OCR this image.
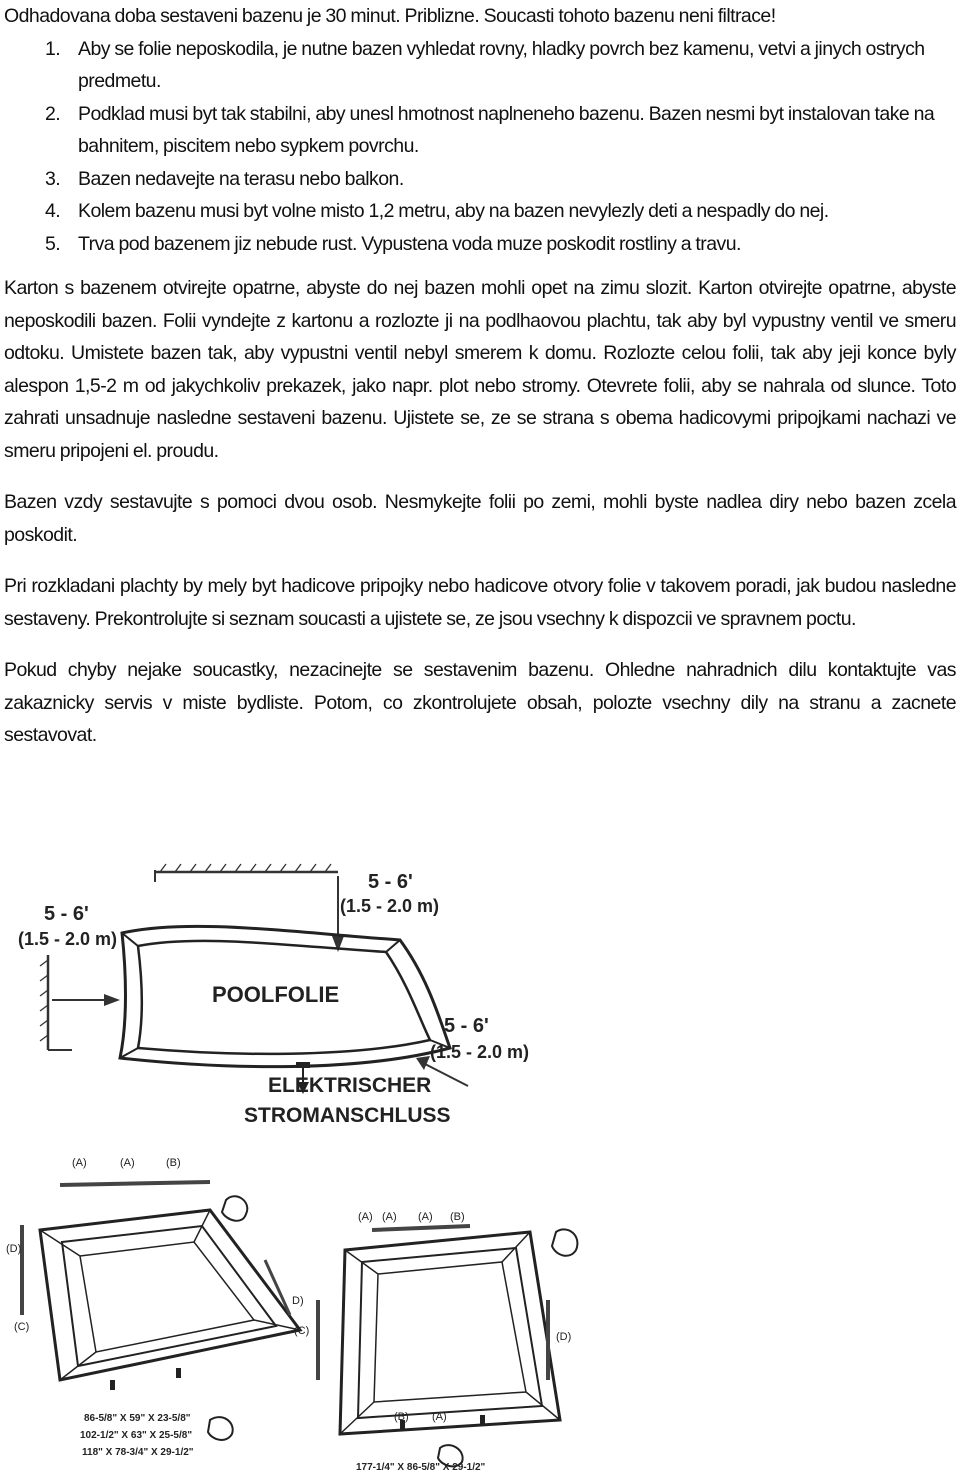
Odhadovana doba sestaveni bazenu je 30 minut. Priblizne. Soucasti tohoto bazenu neni filtrace!
1. Aby se folie neposkodila, je nutne bazen vyhledat rovny, hladky povrch bez kamenu, vetvi a jinych ostrych predmetu.
2. Podklad musi byt tak stabilni, aby unesl hmotnost naplneneho bazenu. Bazen nesmi byt instalovan take na bahnitem, piscitem nebo sypkem povrchu.
3. Bazen nedavejte na terasu nebo balkon.
4. Kolem bazenu musi byt volne misto 1,2 metru, aby na bazen nevylezly deti a nespadly do nej.
5. Trva pod bazenem jiz nebude rust. Vypustena voda muze poskodit rostliny a travu.

Karton s bazenem otvirejte opatrne, abyste do nej bazen mohli opet na zimu slozit. Karton otvirejte opatrne, abyste neposkodili bazen. Folii vyndejte z kartonu a rozlozte ji na podlhaovou plachtu, tak aby byl vypustny ventil ve smeru odtoku. Umistete bazen tak, aby vypustni ventil nebyl smerem k domu. Rozlozte celou folii, tak aby jeji konce byly alespon 1,5-2 m od jakychkoliv prekazek, jako napr. plot nebo stromy. Otevrete folii, aby se nahrala od slunce. Toto zahrati unsadnuje nasledne sestaveni bazenu. Ujistete se, ze se strana s obema hadicovymi pripojkami nachazi ve smeru pripojeni el. proudu.

Bazen vzdy sestavujte s pomoci dvou osob. Nesmykejte folii po zemi, mohli byste nadlea diry nebo bazen zcela poskodit.

Pri rozkladani plachty by mely byt hadicove pripojky nebo hadicove otvory folie v takovem poradi, jak budou nasledne sestaveny. Prekontrolujte si seznam soucasti a ujistete se, ze jsou vsechny k dispozcii ve spravnem poctu.

Pokud chyby nejake soucastky, nezacinejte se sestavenim bazenu. Ohledne nahradnich dilu kontaktujte vas zakaznicky servis v miste bydliste. Potom, co zkontrolujete obsah, polozte vsechny dily na stranu a zacnete sestavovat.

5 - 6'
(1.5 - 2.0 m)
5 - 6'
(1.5 - 2.0 m)
POOLFOLIE
5 - 6'
(1.5 - 2.0 m)
ELEKTRISCHER
STROMANSCHLUSS
(A)	(A)	(B)
(D)
(C)
D)
(C)
(A) (A) (A) (B)
(D)
(B) (A)
86-5/8" X 59" X 23-5/8"
102-1/2" X 63" X 25-5/8"
118" X 78-3/4" X 29-1/2"
177-1/4" X 86-5/8" X 29-1/2"
